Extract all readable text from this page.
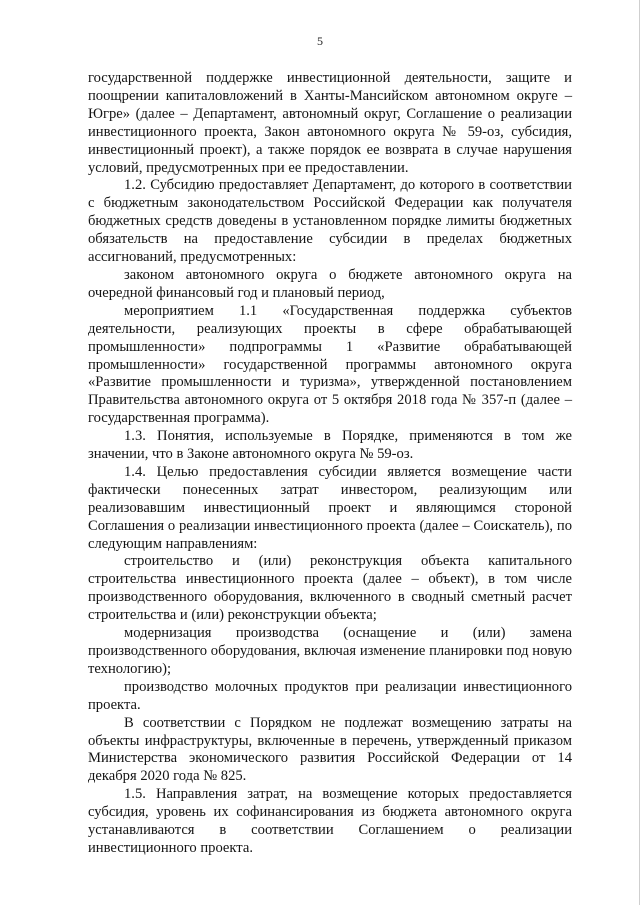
5

государственной поддержке инвестиционной деятельности, защите и поощрении капиталовложений в Ханты-Мансийском автономном округе – Югре» (далее – Департамент, автономный округ, Соглашение о реализации инвестиционного проекта, Закон автономного округа № 59-оз, субсидия, инвестиционный проект), а также порядок ее возврата в случае нарушения условий, предусмотренных при ее предоставлении.

1.2. Субсидию предоставляет Департамент, до которого в соответствии с бюджетным законодательством Российской Федерации как получателя бюджетных средств доведены в установленном порядке лимиты бюджетных обязательств на предоставление субсидии в пределах бюджетных ассигнований, предусмотренных:

законом автономного округа о бюджете автономного округа на очередной финансовый год и плановый период,

мероприятием 1.1 «Государственная поддержка субъектов деятельности, реализующих проекты в сфере обрабатывающей промышленности» подпрограммы 1 «Развитие обрабатывающей промышленности» государственной программы автономного округа «Развитие промышленности и туризма», утвержденной постановлением Правительства автономного округа от 5 октября 2018 года № 357-п (далее – государственная программа).

1.3. Понятия, используемые в Порядке, применяются в том же значении, что в Законе автономного округа № 59-оз.

1.4. Целью предоставления субсидии является возмещение части фактически понесенных затрат инвестором, реализующим или реализовавшим инвестиционный проект и являющимся стороной Соглашения о реализации инвестиционного проекта (далее – Соискатель), по следующим направлениям:

строительство и (или) реконструкция объекта капитального строительства инвестиционного проекта (далее – объект), в том числе производственного оборудования, включенного в сводный сметный расчет строительства и (или) реконструкции объекта;

модернизация производства (оснащение и (или) замена производственного оборудования, включая изменение планировки под новую технологию);

производство молочных продуктов при реализации инвестиционного проекта.

В соответствии с Порядком не подлежат возмещению затраты на объекты инфраструктуры, включенные в перечень, утвержденный приказом Министерства экономического развития Российской Федерации от 14 декабря 2020 года № 825.

1.5. Направления затрат, на возмещение которых предоставляется субсидия, уровень их софинансирования из бюджета автономного округа устанавливаются в соответствии Соглашением о реализации инвестиционного проекта.
